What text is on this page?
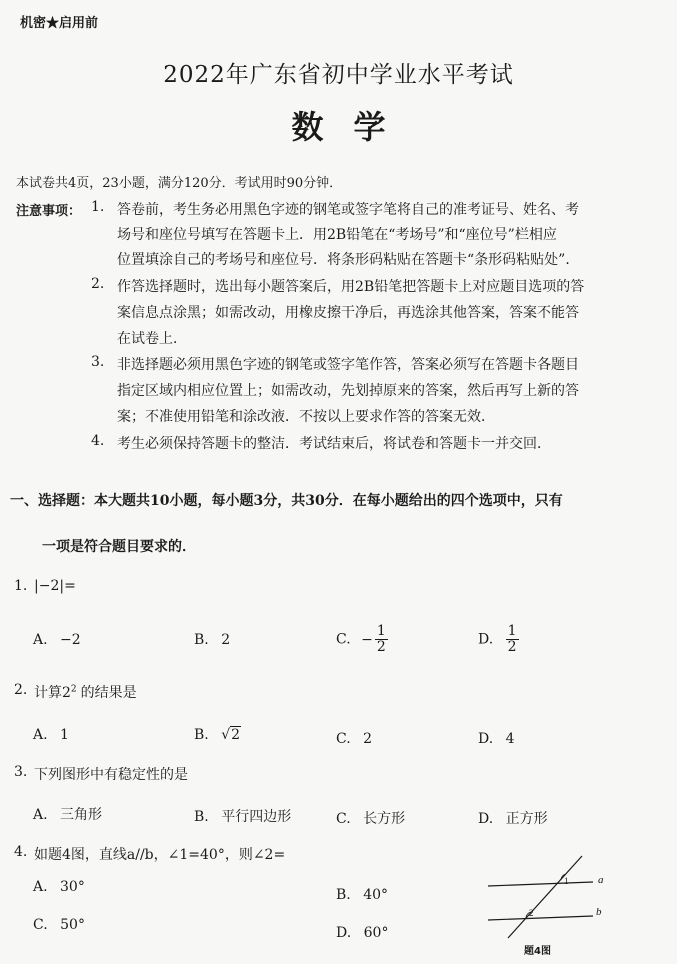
机密★启用前
2022年广东省初中学业水平考试
数学
本试卷共4页，23小题，满分120分．考试用时90分钟．
注意事项： 1. 答卷前，考生务必用黑色字迹的钢笔或签字笔将自己的准考证号、姓名、考
场号和座位号填写在答题卡上．用2B铅笔在“考场号”和“座位号”栏相应
位置填涂自己的考场号和座位号．将条形码粘贴在答题卡“条形码粘贴处”．
2. 作答选择题时，选出每小题答案后，用2B铅笔把答题卡上对应题目选项的答
案信息点涂黑；如需改动，用橡皮擦干净后，再选涂其他答案，答案不能答
在试卷上．
3. 非选择题必须用黑色字迹的钢笔或签字笔作答，答案必须写在答题卡各题目
指定区域内相应位置上；如需改动，先划掉原来的答案，然后再写上新的答
案；不准使用铅笔和涂改液．不按以上要求作答的答案无效．
4. 考生必须保持答题卡的整洁．考试结束后，将试卷和答题卡一并交回．
一、选择题：本大题共10小题，每小题3分，共30分．在每小题给出的四个选项中，只有
一项是符合题目要求的．
1. |−2|=
A. −2	B. 2	C. − $\frac{1}{2}$	D. $\frac{1}{2}$
2. 计算$2^2$ 的结果是
A. 1	B. √2	C. 2	D. 4
3. 下列图形中有稳定性的是
A. 三角形	B. 平行四边形	C. 长方形	D. 正方形
4. 如题4图，直线a//b，∠1=40°，则∠2=
A. 30°	B. 40°
C. 50°	D. 60°
a
b
1
2
题4图
